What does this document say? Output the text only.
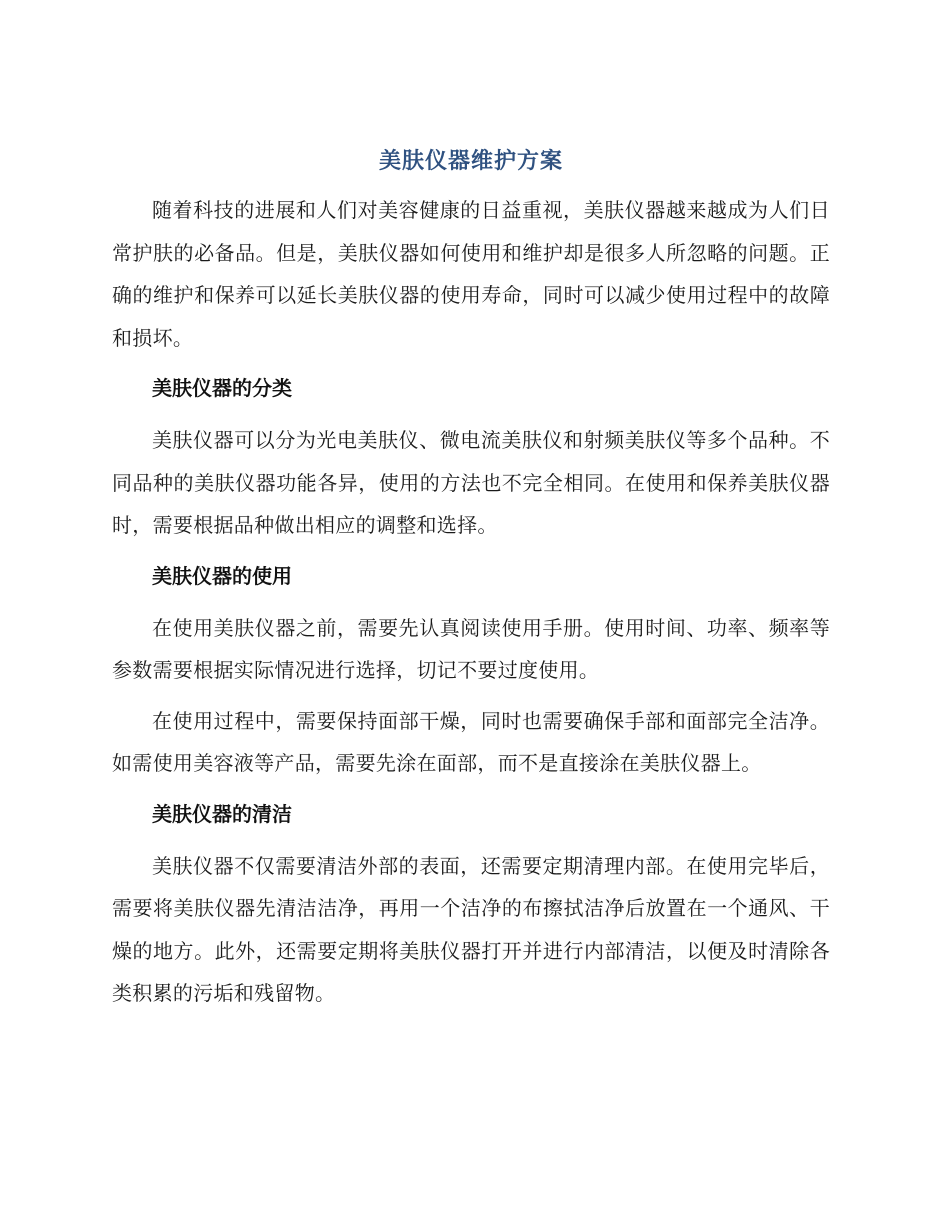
美肤仪器维护方案

随着科技的进展和人们对美容健康的日益重视，美肤仪器越来越成为人们日常护肤的必备品。但是，美肤仪器如何使用和维护却是很多人所忽略的问题。正确的维护和保养可以延长美肤仪器的使用寿命，同时可以减少使用过程中的故障和损坏。

美肤仪器的分类

美肤仪器可以分为光电美肤仪、微电流美肤仪和射频美肤仪等多个品种。不同品种的美肤仪器功能各异，使用的方法也不完全相同。在使用和保养美肤仪器时，需要根据品种做出相应的调整和选择。

美肤仪器的使用

在使用美肤仪器之前，需要先认真阅读使用手册。使用时间、功率、频率等参数需要根据实际情况进行选择，切记不要过度使用。

在使用过程中，需要保持面部干燥，同时也需要确保手部和面部完全洁净。如需使用美容液等产品，需要先涂在面部，而不是直接涂在美肤仪器上。

美肤仪器的清洁

美肤仪器不仅需要清洁外部的表面，还需要定期清理内部。在使用完毕后，需要将美肤仪器先清洁洁净，再用一个洁净的布擦拭洁净后放置在一个通风、干燥的地方。此外，还需要定期将美肤仪器打开并进行内部清洁，以便及时清除各类积累的污垢和残留物。
